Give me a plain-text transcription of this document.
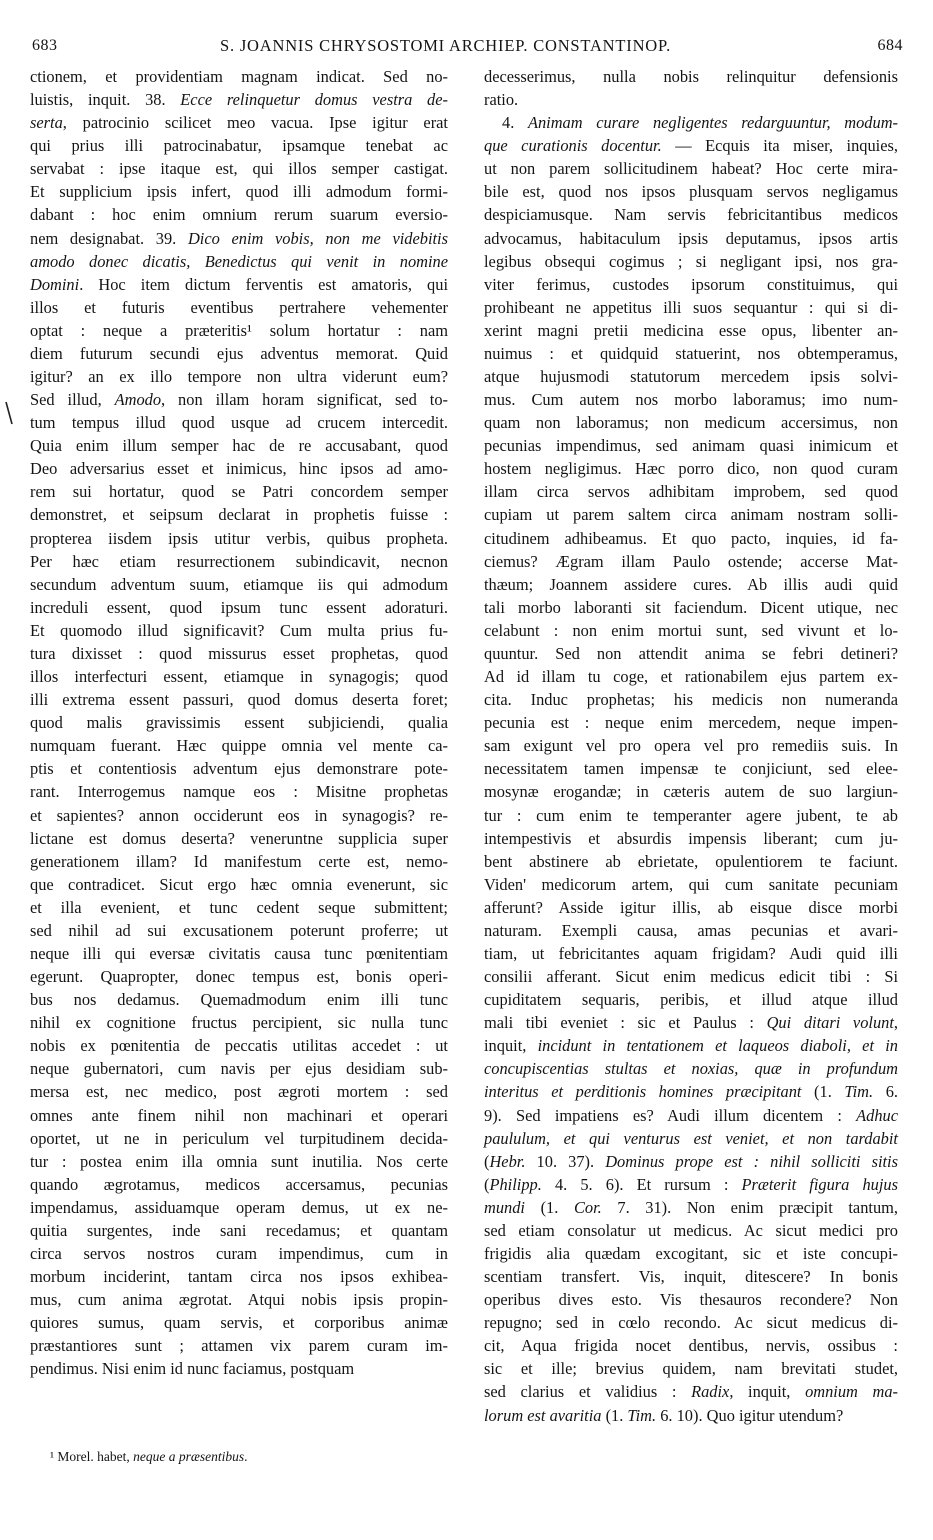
683	S. JOANNIS CHRYSOSTOMI ARCHIEP. CONSTANTINOP.	684
ctionem, et providentiam magnam indicat. Sed no-
luistis, inquit. 38. Ecce relinquetur domus vestra de-
serta, patrocinio scilicet meo vacua. Ipse igitur erat
qui prius illi patrocinabatur, ipsamque tenebat ac
servabat : ipse itaque est, qui illos semper castigat.
Et supplicium ipsis infert, quod illi admodum formi-
dabant : hoc enim omnium rerum suarum eversio-
nem designabat. 39. Dico enim vobis, non me videbitis
amodo donec dicatis, Benedictus qui venit in nomine
Domini. Hoc item dictum ferventis est amatoris, qui
illos et futuris eventibus pertrahere vehementer
optat : neque a præteritis¹ solum hortatur : nam
diem futurum secundi ejus adventus memorat. Quid
igitur? an ex illo tempore non ultra viderunt eum?
Sed illud, Amodo, non illam horam significat, sed to-
tum tempus illud quod usque ad crucem intercedit.
Quia enim illum semper hac de re accusabant, quod
Deo adversarius esset et inimicus, hinc ipsos ad amo-
rem sui hortatur, quod se Patri concordem semper
demonstret, et seipsum declarat in prophetis fuisse :
propterea iisdem ipsis utitur verbis, quibus propheta.
Per hæc etiam resurrectionem subindicavit, necnon
secundum adventum suum, etiamque iis qui admodum
increduli essent, quod ipsum tunc essent adoraturi.
Et quomodo illud significavit? Cum multa prius fu-
tura dixisset : quod missurus esset prophetas, quod
illos interfecturi essent, etiamque in synagogis; quod
illi extrema essent passuri, quod domus deserta foret;
quod malis gravissimis essent subjiciendi, qualia
numquam fuerant. Hæc quippe omnia vel mente ca-
ptis et contentiosis adventum ejus demonstrare pote-
rant. Interrogemus namque eos : Misitne prophetas
et sapientes? annon occiderunt eos in synagogis? re-
lictane est domus deserta? veneruntne supplicia super
generationem illam? Id manifestum certe est, nemo-
que contradicet. Sicut ergo hæc omnia evenerunt, sic
et illa evenient, et tunc cedent seque submittent;
sed nihil ad sui excusationem poterunt proferre; ut
neque illi qui eversæ civitatis causa tunc pœnitentiam
egerunt. Quapropter, donec tempus est, bonis operi-
bus nos dedamus. Quemadmodum enim illi tunc
nihil ex cognitione fructus percipient, sic nulla tunc
nobis ex pœnitentia de peccatis utilitas accedet : ut
neque gubernatori, cum navis per ejus desidiam sub-
mersa est, nec medico, post ægroti mortem : sed
omnes ante finem nihil non machinari et operari
oportet, ut ne in periculum vel turpitudinem decida-
tur : postea enim illa omnia sunt inutilia. Nos certe
quando ægrotamus, medicos accersamus, pecunias
impendamus, assiduamque operam demus, ut ex ne-
quitia surgentes, inde sani recedamus; et quantam
circa servos nostros curam impendimus, cum in
morbum inciderint, tantam circa nos ipsos exhibea-
mus, cum anima ægrotat. Atqui nobis ipsis propin-
quiores sumus, quam servis, et corporibus animæ
præstantiores sunt ; attamen vix parem curam im-
pendimus. Nisi enim id nunc faciamus, postquam
decesserimus, nulla nobis relinquitur defensionis
ratio.
4. Animam curare negligentes redarguuntur, modum-
que curationis docentur. — Ecquis ita miser, inquies,
ut non parem sollicitudinem habeat? Hoc certe mira-
bile est, quod nos ipsos plusquam servos negligamus
despiciamusque. Nam servis febricitantibus medicos
advocamus, habitaculum ipsis deputamus, ipsos artis
legibus obsequi cogimus ; si negligant ipsi, nos gra-
viter ferimus, custodes ipsorum constituimus, qui
prohibeant ne appetitus illi suos sequantur : qui si di-
xerint magni pretii medicina esse opus, libenter an-
nuimus : et quidquid statuerint, nos obtemperamus,
atque hujusmodi statutorum mercedem ipsis solvi-
mus. Cum autem nos morbo laboramus; imo num-
quam non laboramus; non medicum accersimus, non
pecunias impendimus, sed animam quasi inimicum et
hostem negligimus. Hæc porro dico, non quod curam
illam circa servos adhibitam improbem, sed quod
cupiam ut parem saltem circa animam nostram solli-
citudinem adhibeamus. Et quo pacto, inquies, id fa-
ciemus? Ægram illam Paulo ostende; accerse Mat-
thæum; Joannem assidere cures. Ab illis audi quid
tali morbo laboranti sit faciendum. Dicent utique, nec
celabunt : non enim mortui sunt, sed vivunt et lo-
quuntur. Sed non attendit anima se febri detineri?
Ad id illam tu coge, et rationabilem ejus partem ex-
cita. Induc prophetas; his medicis non numeranda
pecunia est : neque enim mercedem, neque impen-
sam exigunt vel pro opera vel pro remediis suis. In
necessitatem tamen impensæ te conjiciunt, sed elee-
mosynæ erogandæ; in cæteris autem de suo largiun-
tur : cum enim te temperanter agere jubent, te ab
intempestivis et absurdis impensis liberant; cum ju-
bent abstinere ab ebrietate, opulentiorem te faciunt.
Viden' medicorum artem, qui cum sanitate pecuniam
afferunt? Asside igitur illis, ab eisque disce morbi
naturam. Exempli causa, amas pecunias et avari-
tiam, ut febricitantes aquam frigidam? Audi quid illi
consilii afferant. Sicut enim medicus edicit tibi : Si
cupiditatem sequaris, peribis, et illud atque illud
mali tibi eveniet : sic et Paulus : Qui ditari volunt,
inquit, incidunt in tentationem et laqueos diaboli, et in
concupiscentias stultas et noxias, quæ in profundum
interitus et perditionis homines præcipitant (1. Tim. 6.
9). Sed impatiens es? Audi illum dicentem : Adhuc
paululum, et qui venturus est veniet, et non tardabit
(Hebr. 10. 37). Dominus prope est : nihil solliciti sitis
(Philipp. 4. 5. 6). Et rursum : Præterit figura hujus
mundi (1. Cor. 7. 31). Non enim præcipit tantum,
sed etiam consolatur ut medicus. Ac sicut medici pro
frigidis alia quædam excogitant, sic et iste concupi-
scentiam transfert. Vis, inquit, ditescere? In bonis
operibus dives esto. Vis thesauros recondere? Non
repugno; sed in cœlo recondo. Ac sicut medicus di-
cit, Aqua frigida nocet dentibus, nervis, ossibus :
sic et ille; brevius quidem, nam brevitati studet,
sed clarius et validius : Radix, inquit, omnium ma-
lorum est avaritia (1. Tim. 6. 10). Quo igitur utendum?
¹ Morel. habet, neque a præsentibus.
